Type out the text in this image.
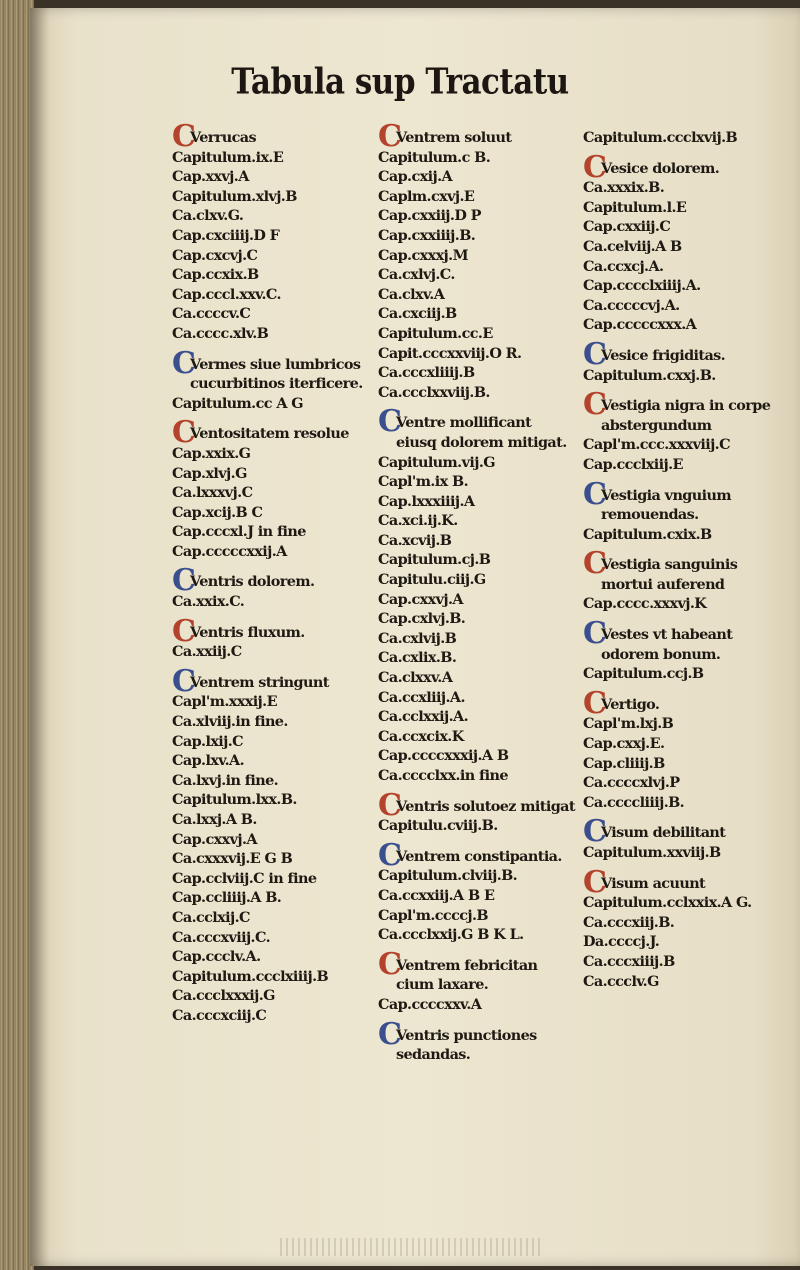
Tabula sup Tractatu
C
Verrucas
Capitulum.ix.E
Cap.xxvj.A
Capitulum.xlvj.B
Ca.clxv.G.
Cap.cxciiij.D F
Cap.cxcvj.C
Cap.ccxix.B
Cap.cccl.xxv.C.
Ca.ccccv.C
Ca.cccc.xlv.B
C
Vermes siue lumbricos
cucurbitinos iterficere.
Capitulum.cc A G
C
Ventositatem resolue
Cap.xxix.G
Cap.xlvj.G
Ca.lxxxvj.C
Cap.xcij.B C
Cap.cccxl.J in fine
Cap.cccccxxij.A
C
Ventris dolorem.
Ca.xxix.C.
C
Ventris fluxum.
Ca.xxiij.C
C
Ventrem stringunt
Capl'm.xxxij.E
Ca.xlviij.in fine.
Cap.lxij.C
Cap.lxv.A.
Ca.lxvj.in fine.
Capitulum.lxx.B.
Ca.lxxj.A B.
Cap.cxxvj.A
Ca.cxxxvij.E G B
Cap.cclviij.C in fine
Cap.ccliiij.A B.
Ca.cclxij.C
Ca.cccxviij.C.
Cap.ccclv.A.
Capitulum.ccclxiiij.B
Ca.ccclxxxij.G
Ca.cccxciij.C
C
Ventrem soluut
Capitulum.c B.
Cap.cxij.A
Caplm.cxvj.E
Cap.cxxiij.D P
Cap.cxxiiij.B.
Cap.cxxxj.M
Ca.cxlvj.C.
Ca.clxv.A
Ca.cxciij.B
Capitulum.cc.E
Capit.cccxxviij.O R.
Ca.cccxliiij.B
Ca.ccclxxviij.B.
C
Ventre mollificant
eiusq dolorem mitigat.
Capitulum.vij.G
Capl'm.ix B.
Cap.lxxxiiij.A
Ca.xci.ij.K.
Ca.xcvij.B
Capitulum.cj.B
Capitulu.ciij.G
Cap.cxxvj.A
Cap.cxlvj.B.
Ca.cxlvij.B
Ca.cxlix.B.
Ca.clxxv.A
Ca.ccxliij.A.
Ca.cclxxij.A.
Ca.ccxcix.K
Cap.ccccxxxij.A B
Ca.cccclxx.in fine
C
Ventris solutoez mitigat
Capitulu.cviij.B.
C
Ventrem constipantia.
Capitulum.clviij.B.
Ca.ccxxiij.A B E
Capl'm.ccccj.B
Ca.ccclxxij.G B K L.
C
Ventrem febricitan
cium laxare.
Cap.ccccxxv.A
C
Ventris punctiones
sedandas.
Capitulum.ccclxvij.B
C
Vesice dolorem.
Ca.xxxix.B.
Capitulum.l.E
Cap.cxxiij.C
Ca.celviij.A B
Ca.ccxcj.A.
Cap.cccclxiiij.A.
Ca.cccccvj.A.
Cap.cccccxxx.A
C
Vesice frigiditas.
Capitulum.cxxj.B.
C
Vestigia nigra in corpe
abstergundum
Capl'm.ccc.xxxviij.C
Cap.ccclxiij.E
C
Vestigia vnguium
remouendas.
Capitulum.cxix.B
C
Vestigia sanguinis
mortui auferend
Cap.cccc.xxxvj.K
C
Vestes vt habeant
odorem bonum.
Capitulum.ccj.B
C
Vertigo.
Capl'm.lxj.B
Cap.cxxj.E.
Cap.cliiij.B
Ca.ccccxlvj.P
Ca.ccccliiij.B.
C
Visum debilitant
Capitulum.xxviij.B
C
Visum acuunt
Capitulum.cclxxix.A G.
Ca.cccxiij.B.
Da.ccccj.J.
Ca.cccxiiij.B
Ca.ccclv.G
